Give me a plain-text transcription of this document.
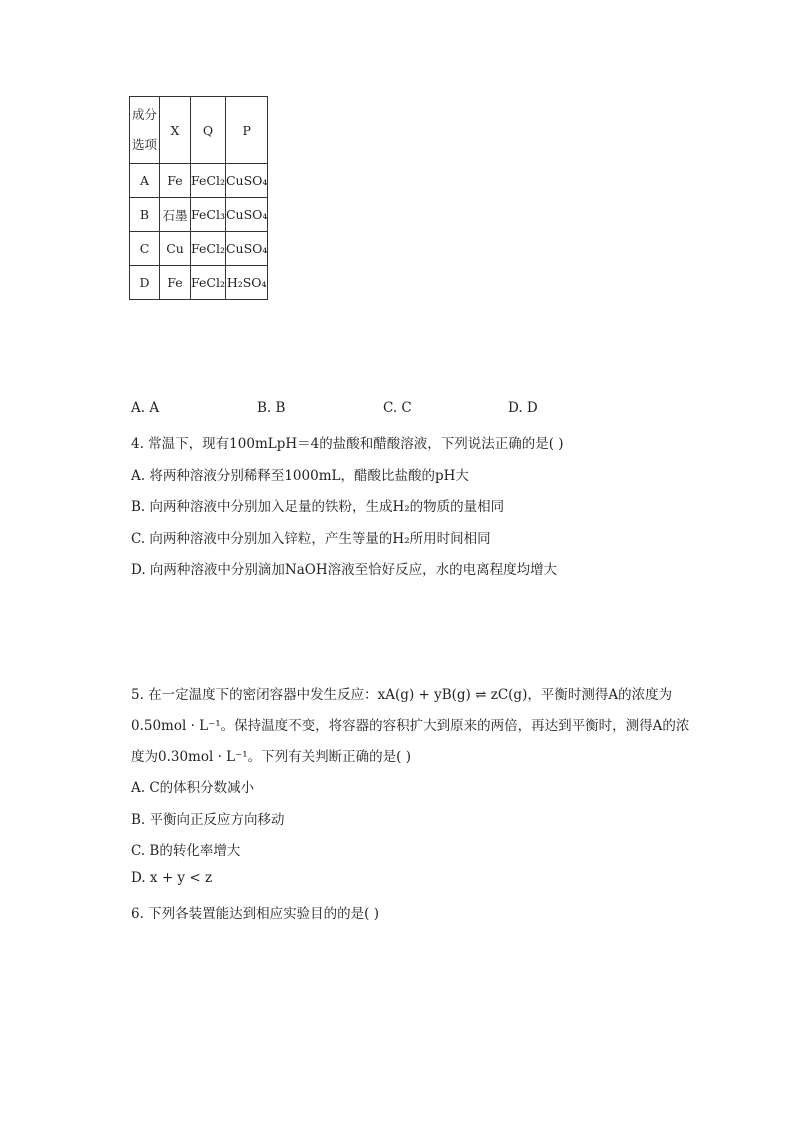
成分
选项	X	Q	P
A	Fe	FeCl₂	CuSO₄
B	石墨	FeCl₃	CuSO₄
C	Cu	FeCl₂	CuSO₄
D	Fe	FeCl₂	H₂SO₄
A. A	B. B	C. C	D. D
4. 常温下，现有100mLpH＝4的盐酸和醋酸溶液，下列说法正确的是( )
A. 将两种溶液分别稀释至1000mL，醋酸比盐酸的pH大
B. 向两种溶液中分别加入足量的铁粉，生成H₂的物质的量相同
C. 向两种溶液中分别加入锌粒，产生等量的H₂所用时间相同
D. 向两种溶液中分别滴加NaOH溶液至恰好反应，水的电离程度均增大
5. 在一定温度下的密闭容器中发生反应：xA(g) + yB(g) ⇌ zC(g)，平衡时测得A的浓度为
0.50mol · L⁻¹。保持温度不变，将容器的容积扩大到原来的两倍，再达到平衡时，测得A的浓
度为0.30mol · L⁻¹。下列有关判断正确的是( )
A. C的体积分数减小
B. 平衡向正反应方向移动
C. B的转化率增大
D. x + y < z
6. 下列各装置能达到相应实验目的的是( )
